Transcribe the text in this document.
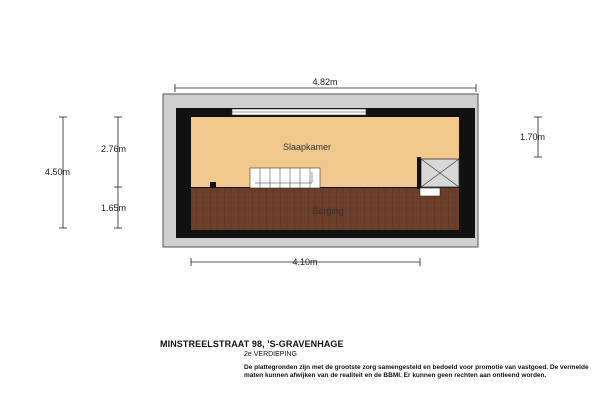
Slaapkamer
Berging
4.82m
4.10m
4.50m
2.76m
1.65m
1.70m
MINSTREELSTRAAT 98, 'S-GRAVENHAGE
2e VERDIEPING
De plattegronden zijn met de grootste zorg samengesteld en bedoeld voor promotie van vastgoed. De vermelde maten kunnen afwijken van de realiteit en de BBMI. Er kunnen geen rechten aan ontleend worden.
